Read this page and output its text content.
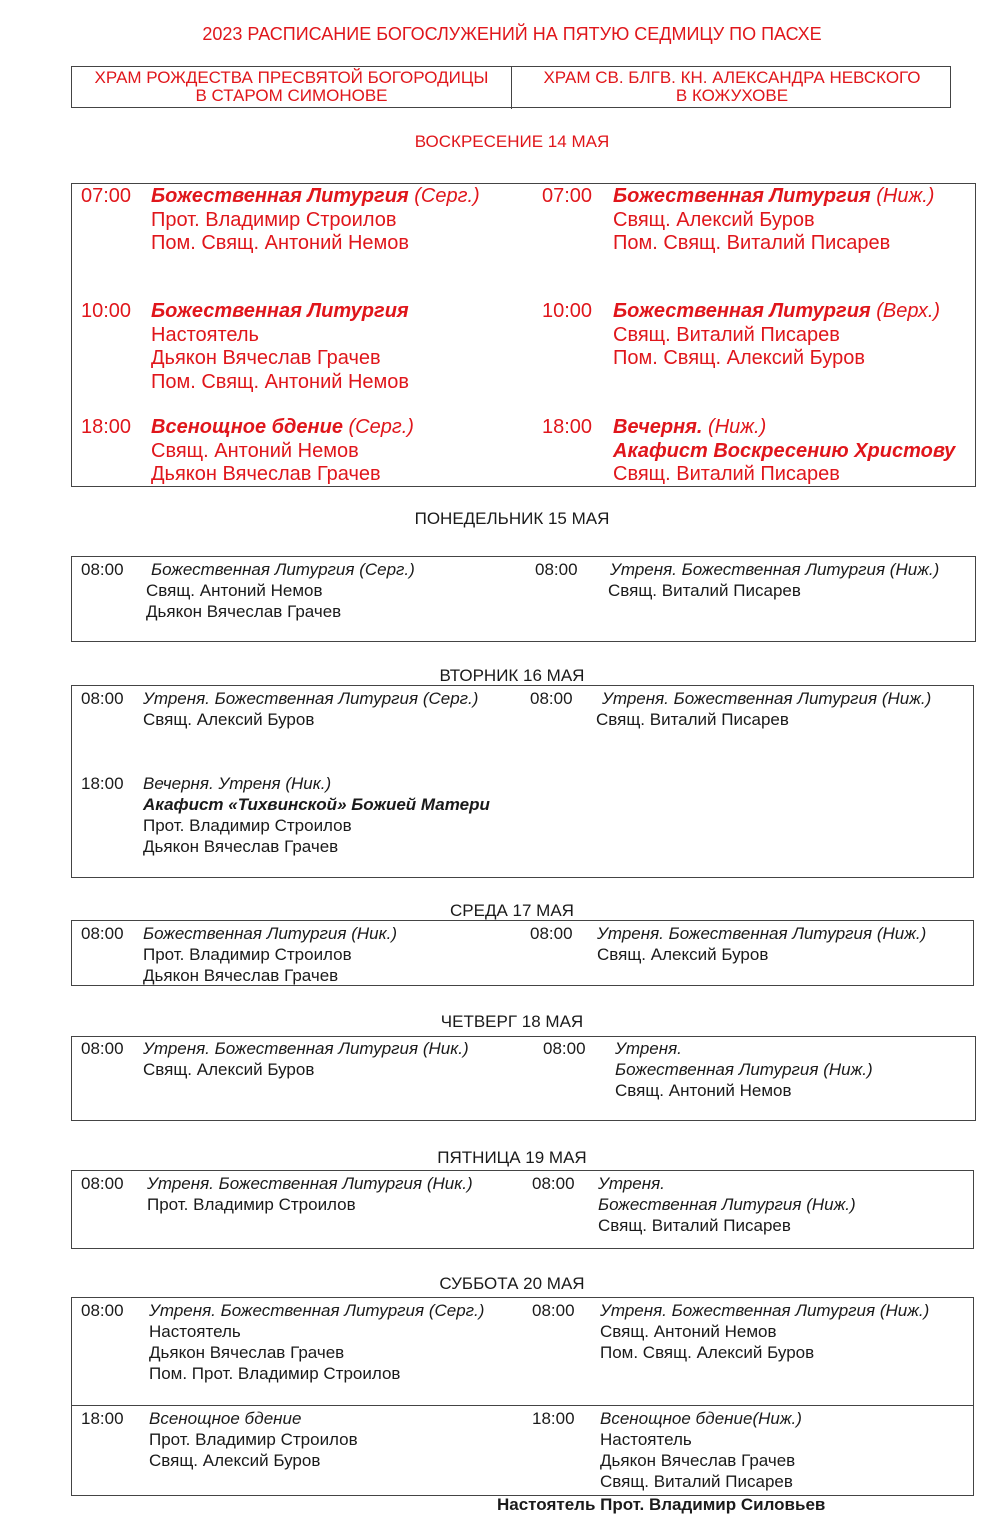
2023 РАСПИСАНИЕ БОГОСЛУЖЕНИЙ НА ПЯТУЮ СЕДМИЦУ ПО ПАСХЕ
ХРАМ РОЖДЕСТВА ПРЕСВЯТОЙ БОГОРОДИЦЫ
В СТАРОМ СИМОНОВЕ
ХРАМ СВ. БЛГВ. КН. АЛЕКСАНДРА НЕВСКОГО
В КОЖУХОВЕ
ВОСКРЕСЕНИЕ 14 МАЯ
07:00 Божественная Литургия (Серг.)
Прот. Владимир Строилов
Пом. Свящ. Антоний Немов
10:00 Божественная Литургия
Настоятель
Дьякон Вячеслав Грачев
Пом. Свящ. Антоний Немов
18:00 Всенощное бдение (Серг.)
Свящ. Антоний Немов
Дьякон Вячеслав Грачев
07:00 Божественная Литургия (Ниж.)
Свящ. Алексий Буров
Пом. Свящ. Виталий Писарев
10:00 Божественная Литургия (Верх.)
Свящ. Виталий Писарев
Пом. Свящ. Алексий Буров
18:00 Вечерня. (Ниж.)
Акафист Воскресению Христову
Свящ. Виталий Писарев
ПОНЕДЕЛЬНИК 15 МАЯ
08:00 Божественная Литургия (Серг.)
Свящ. Антоний Немов
Дьякон Вячеслав Грачев
08:00 Утреня. Божественная Литургия (Ниж.)
Свящ. Виталий Писарев
ВТОРНИК 16 МАЯ
08:00 Утреня. Божественная Литургия (Серг.)
Свящ. Алексий Буров
18:00 Вечерня. Утреня (Ник.)
Акафист «Тихвинской» Божией Матери
Прот. Владимир Строилов
Дьякон Вячеслав Грачев
08:00 Утреня. Божественная Литургия (Ниж.)
Свящ. Виталий Писарев
СРЕДА 17 МАЯ
08:00 Божественная Литургия (Ник.)
Прот. Владимир Строилов
Дьякон Вячеслав Грачев
08:00 Утреня. Божественная Литургия (Ниж.)
Свящ. Алексий Буров
ЧЕТВЕРГ 18 МАЯ
08:00 Утреня. Божественная Литургия (Ник.)
Свящ. Алексий Буров
08:00 Утреня.
Божественная Литургия (Ниж.)
Свящ. Антоний Немов
ПЯТНИЦА 19 МАЯ
08:00 Утреня. Божественная Литургия (Ник.)
Прот. Владимир Строилов
08:00 Утреня.
Божественная Литургия (Ниж.)
Свящ. Виталий Писарев
СУББОТА 20 МАЯ
08:00 Утреня. Божественная Литургия (Серг.)
Настоятель
Дьякон Вячеслав Грачев
Пом. Прот. Владимир Строилов
08:00 Утреня. Божественная Литургия (Ниж.)
Свящ. Антоний Немов
Пом. Свящ. Алексий Буров
18:00 Всенощное бдение
Прот. Владимир Строилов
Свящ. Алексий Буров
18:00 Всенощное бдение(Ниж.)
Настоятель
Дьякон Вячеслав Грачев
Свящ. Виталий Писарев
Настоятель Прот. Владимир Силовьев
